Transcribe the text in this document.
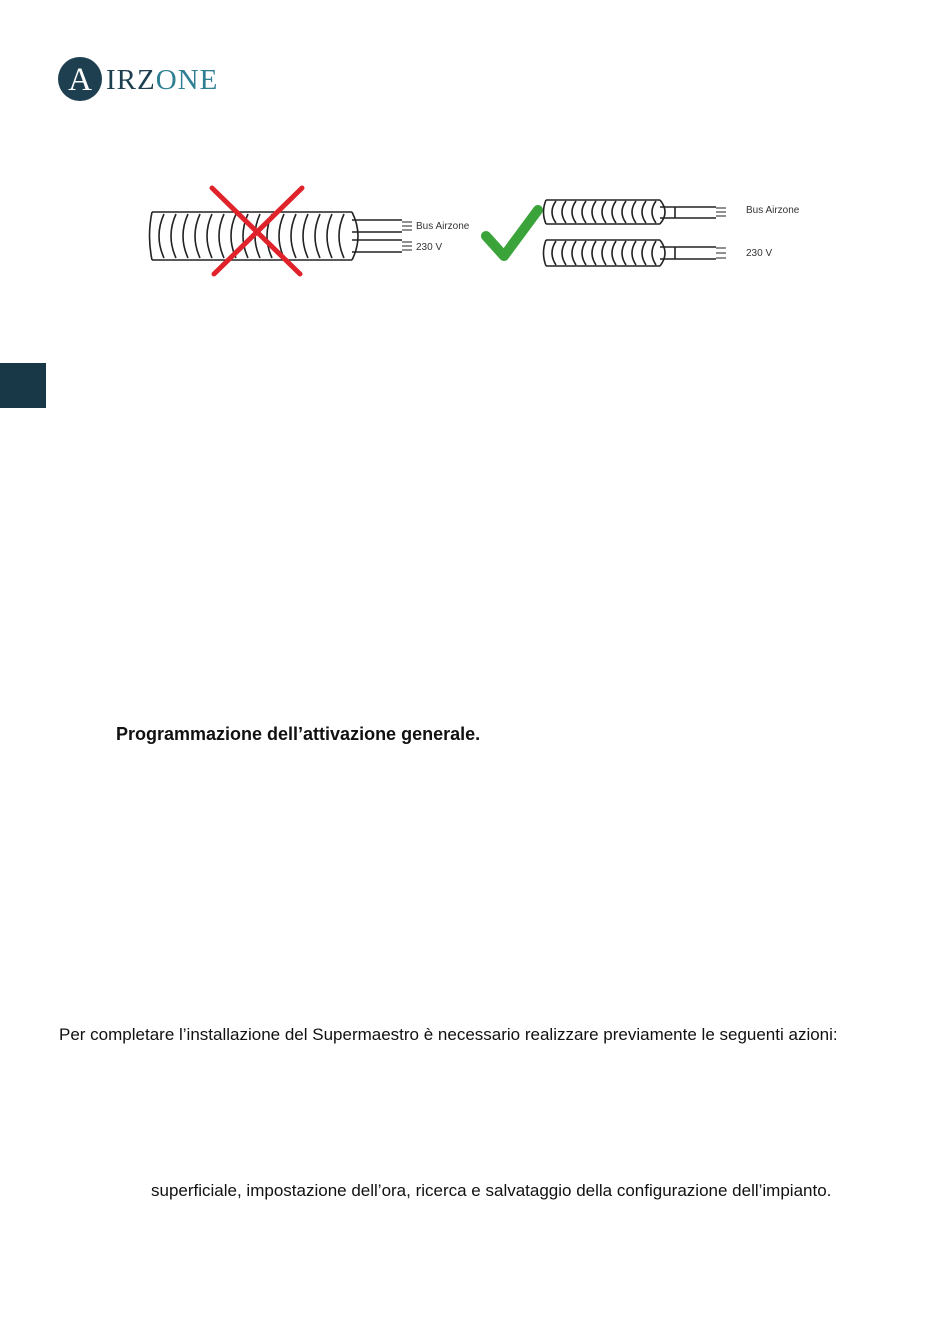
A IRZONE
Bus Airzone
230 V
Bus Airzone
230 V
Programmazione dell’attivazione generale.
Per completare l’installazione del Supermaestro è necessario realizzare previamente le seguenti azioni:
superficiale, impostazione dell’ora, ricerca e salvataggio della configurazione dell’impianto.
